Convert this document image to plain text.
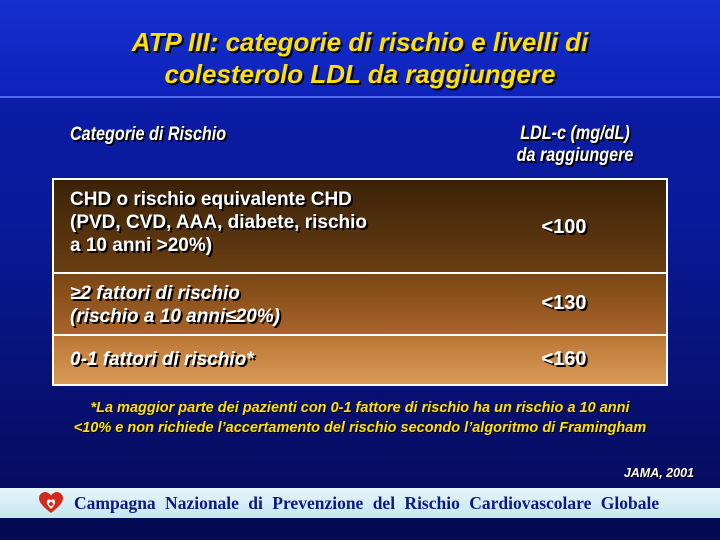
ATP III: categorie di rischio e livelli di
colesterolo LDL da raggiungere
Categorie di Rischio	LDL-c (mg/dL)
da raggiungere
CHD o rischio equivalente CHD
(PVD, CVD, AAA, diabete, rischio
a 10 anni >20%)
<100
≥2 fattori di rischio
(rischio a 10 anni≤20%)
<130
0-1 fattori di rischio*	<160
*La maggior parte dei pazienti con 0-1 fattore di rischio ha un rischio a 10 anni
<10% e non richiede l’accertamento del rischio secondo l’algoritmo di Framingham
JAMA, 2001
Campagna Nazionale di Prevenzione del Rischio Cardiovascolare Globale
